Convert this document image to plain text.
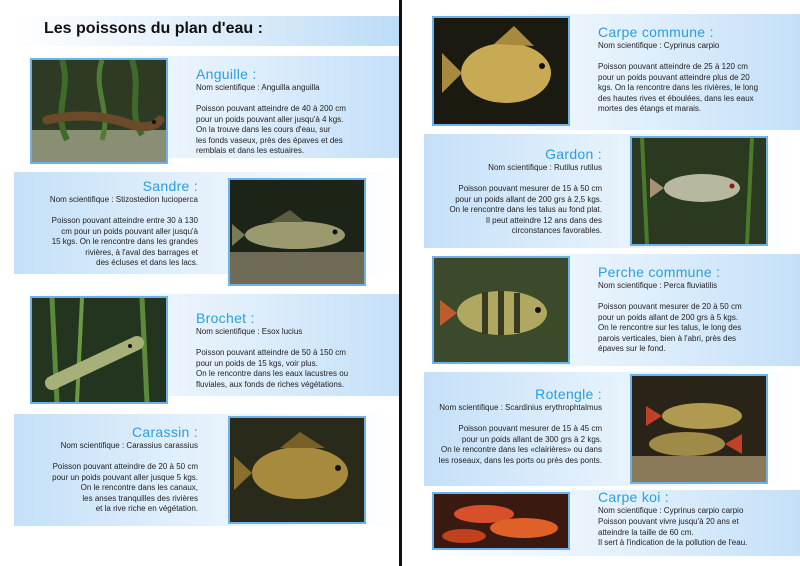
Les poissons du plan d'eau :
Anguille :
Nom scientifique : Anguilla anguilla
Poisson pouvant atteindre de 40 à 200 cm
pour un poids pouvant aller jusqu'à 4 kgs.
On la trouve dans les cours d'eau, sur
les fonds vaseux, près des épaves et des
remblais et dans les estuaires.
Sandre :
Nom scientifique : Stizostedion lucioperca
Poisson pouvant atteindre entre 30 à 130
cm pour un poids pouvant aller jusqu'à
15 kgs. On le rencontre dans les grandes
rivières, à l'aval des barrages et
des écluses et dans les lacs.
Brochet :
Nom scientifique : Esox lucius
Poisson pouvant atteindre de 50 à 150 cm
pour un poids de 15 kgs, voir plus.
On le rencontre dans les eaux lacustres ou
fluviales, aux fonds de riches végétations.
Carassin :
Nom scientifique : Carassius carassius
Poisson pouvant atteindre de 20 à 50 cm
pour un poids pouvant aller jusque 5 kgs.
On le rencontre dans les canaux,
les anses tranquilles des rivières
et la rive riche en végétation.
Carpe commune :
Nom scientifique : Cyprinus carpio
Poisson pouvant atteindre de 25 à 120 cm
pour un poids pouvant atteindre plus de 20
kgs. On la rencontre dans les rivières, le long
des hautes rives et éboulées, dans les eaux
mortes des étangs et marais.
Gardon :
Nom scientifique : Rutilus rutilus
Poisson pouvant mesurer de 15 à 50 cm
pour un poids allant de 200 grs à 2,5 kgs.
On le rencontre dans les talus au fond plat.
Il peut atteindre 12 ans dans des
circonstances favorables.
Perche commune :
Nom scientifique : Perca fluviatilis
Poisson pouvant mesurer de 20 à 50 cm
pour un poids allant de 200 grs à 5 kgs.
On le rencontre sur les talus, le long des
parois verticales, bien à l'abri, près des
épaves sur le fond.
Rotengle :
Nom scientifique : Scardinius erythrophtalmus
Poisson pouvant mesurer de 15 à 45 cm
pour un poids allant de 300 grs à 2 kgs.
On le rencontre dans les «clairières» ou dans
les roseaux, dans les ports ou près des ponts.
Carpe koi :
Nom scientifique : Cyprinus carpio carpio
Poisson pouvant vivre jusqu'à 20 ans et
atteindre la taille de 60 cm.
Il sert à l'indication de la pollution de l'eau.
